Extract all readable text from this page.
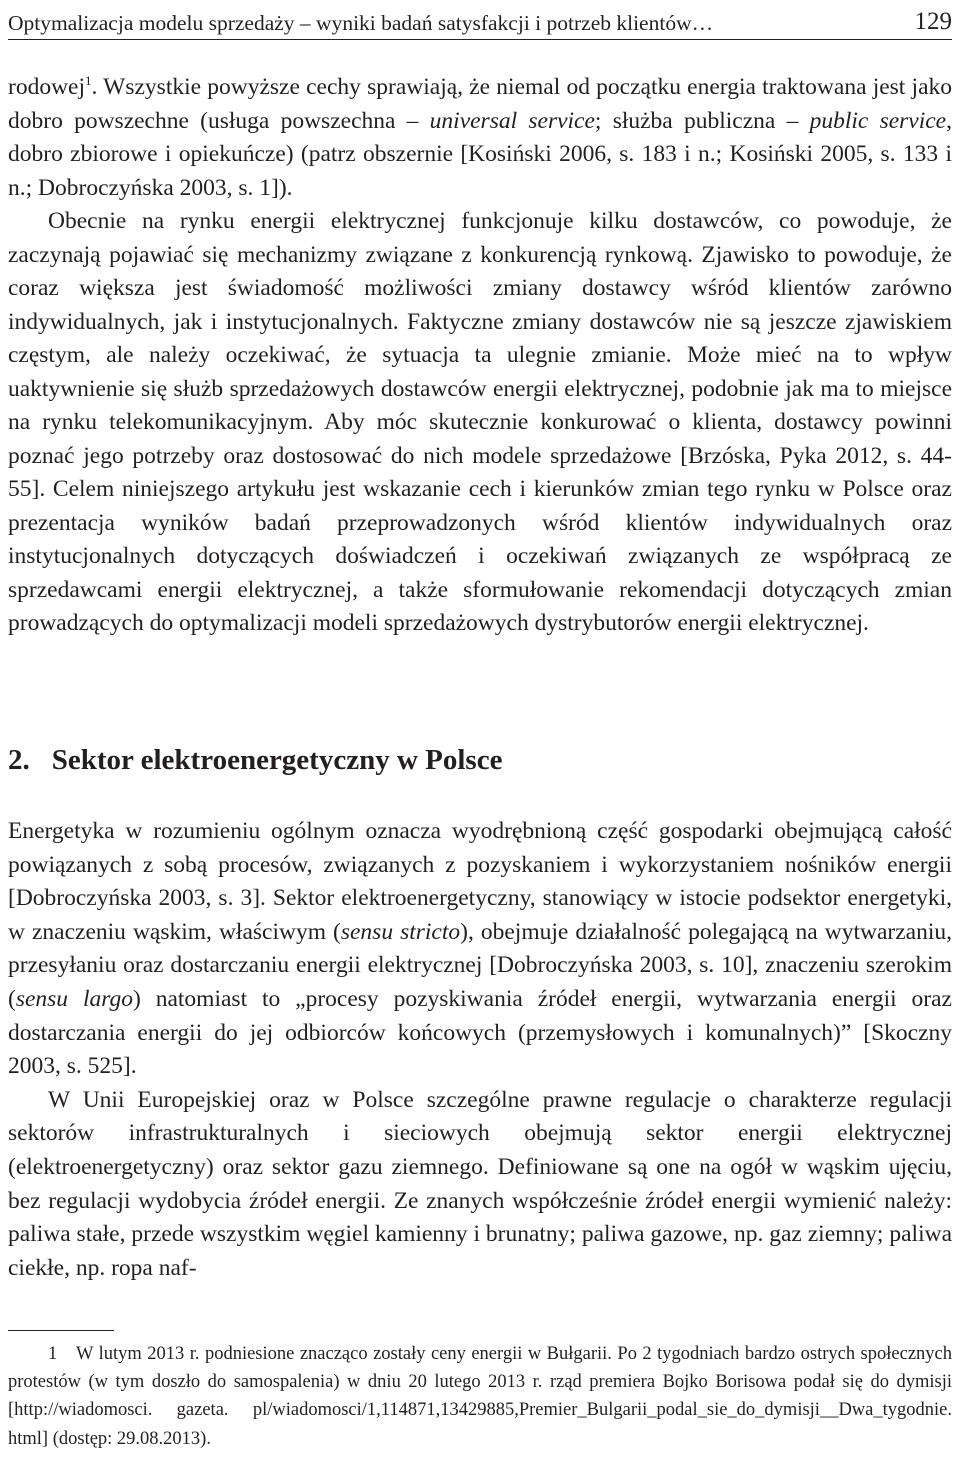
Optymalizacja modelu sprzedaży – wyniki badań satysfakcji i potrzeb klientów…	129

rodowej$^1$. Wszystkie powyższe cechy sprawiają, że niemal od początku energia traktowana jest jako dobro powszechne (usługa powszechna – universal service; służba publiczna – public service, dobro zbiorowe i opiekuńcze) (patrz obszernie [Kosiński 2006, s. 183 i n.; Kosiński 2005, s. 133 i n.; Dobroczyńska 2003, s. 1]).

Obecnie na rynku energii elektrycznej funkcjonuje kilku dostawców, co powoduje, że zaczynają pojawiać się mechanizmy związane z konkurencją rynkową. Zjawisko to powoduje, że coraz większa jest świadomość możliwości zmiany dostawcy wśród klientów zarówno indywidualnych, jak i instytucjonalnych. Faktyczne zmiany dostawców nie są jeszcze zjawiskiem częstym, ale należy oczekiwać, że sytuacja ta ulegnie zmianie. Może mieć na to wpływ uaktywnienie się służb sprzedażowych dostawców energii elektrycznej, podobnie jak ma to miejsce na rynku telekomunikacyjnym. Aby móc skutecznie konkurować o klienta, dostawcy powinni poznać jego potrzeby oraz dostosować do nich modele sprzedażowe [Brzóska, Pyka 2012, s. 44-55]. Celem niniejszego artykułu jest wskazanie cech i kierunków zmian tego rynku w Polsce oraz prezentacja wyników badań przeprowadzonych wśród klientów indywidualnych oraz instytucjonalnych dotyczących doświadczeń i oczekiwań związanych ze współpracą ze sprzedawcami energii elektrycznej, a także sformułowanie rekomendacji dotyczących zmian prowadzących do optymalizacji modeli sprzedażowych dystrybutorów energii elektrycznej.

2. Sektor elektroenergetyczny w Polsce

Energetyka w rozumieniu ogólnym oznacza wyodrębnioną część gospodarki obejmującą całość powiązanych z sobą procesów, związanych z pozyskaniem i wykorzystaniem nośników energii [Dobroczyńska 2003, s. 3]. Sektor elektroenergetyczny, stanowiący w istocie podsektor energetyki, w znaczeniu wąskim, właściwym (sensu stricto), obejmuje działalność polegającą na wytwarzaniu, przesyłaniu oraz dostarczaniu energii elektrycznej [Dobroczyńska 2003, s. 10], znaczeniu szerokim (sensu largo) natomiast to „procesy pozyskiwania źródeł energii, wytwarzania energii oraz dostarczania energii do jej odbiorców końcowych (przemysłowych i komunalnych)” [Skoczny 2003, s. 525].

W Unii Europejskiej oraz w Polsce szczególne prawne regulacje o charakterze regulacji sektorów infrastrukturalnych i sieciowych obejmują sektor energii elektrycznej (elektroenergetyczny) oraz sektor gazu ziemnego. Definiowane są one na ogół w wąskim ujęciu, bez regulacji wydobycia źródeł energii. Ze znanych współcześnie źródeł energii wymienić należy: paliwa stałe, przede wszystkim węgiel kamienny i brunatny; paliwa gazowe, np. gaz ziemny; paliwa ciekłe, np. ropa naf-

1 W lutym 2013 r. podniesione znacząco zostały ceny energii w Bułgarii. Po 2 tygodniach bardzo ostrych społecznych protestów (w tym doszło do samospalenia) w dniu 20 lutego 2013 r. rząd premiera Bojko Borisowa podał się do dymisji [http://wiadomosci. gazeta. pl/wiadomosci/1,114871,13429885,Premier_Bulgarii_podal_sie_do_dymisji__Dwa_tygodnie. html] (dostęp: 29.08.2013).
